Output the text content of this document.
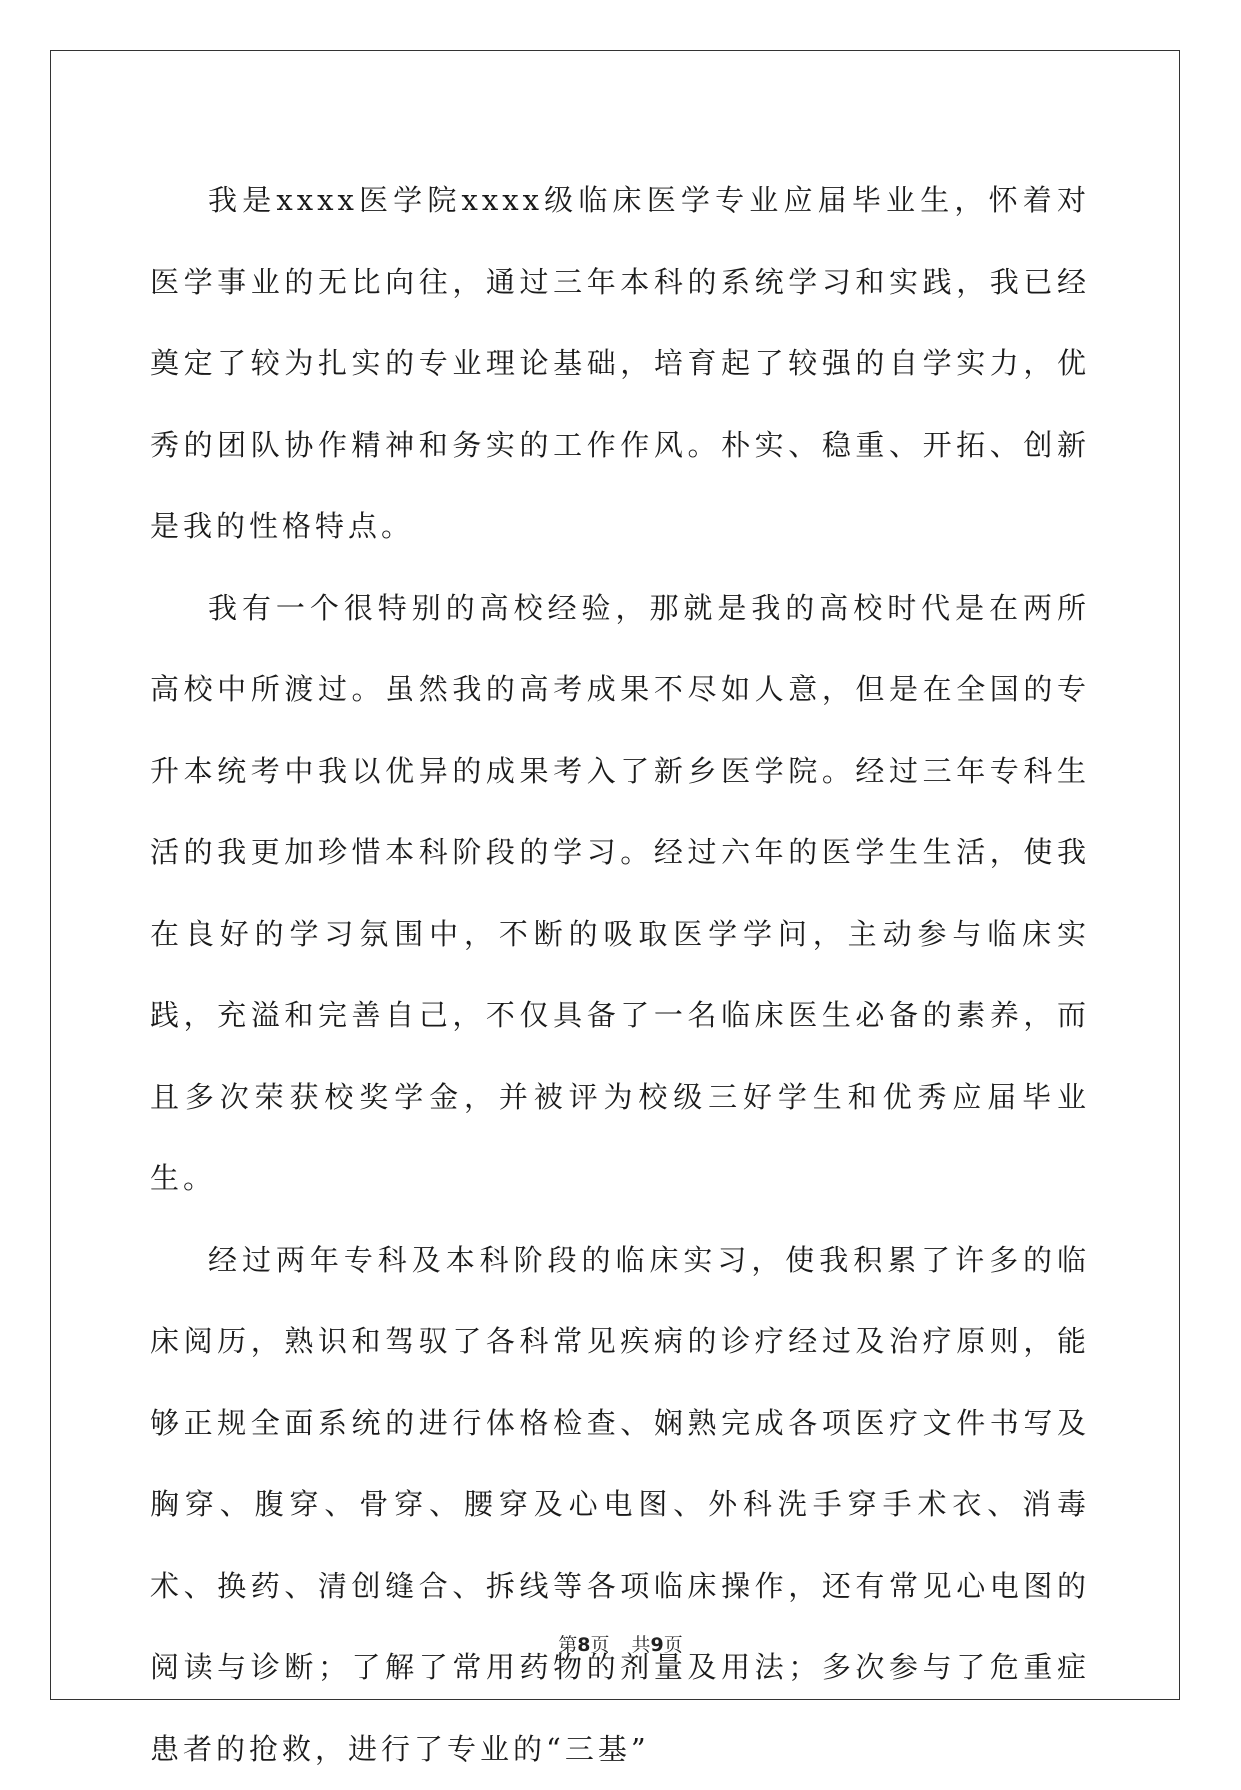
我是xxxx医学院xxxx级临床医学专业应届毕业生，怀着对医学事业的无比向往，通过三年本科的系统学习和实践，我已经奠定了较为扎实的专业理论基础，培育起了较强的自学实力，优秀的团队协作精神和务实的工作作风。朴实、稳重、开拓、创新是我的性格特点。

我有一个很特别的高校经验，那就是我的高校时代是在两所高校中所渡过。虽然我的高考成果不尽如人意，但是在全国的专升本统考中我以优异的成果考入了新乡医学院。经过三年专科生活的我更加珍惜本科阶段的学习。经过六年的医学生生活，使我在良好的学习氛围中，不断的吸取医学学问，主动参与临床实践，充溢和完善自己，不仅具备了一名临床医生必备的素养，而且多次荣获校奖学金，并被评为校级三好学生和优秀应届毕业生。

经过两年专科及本科阶段的临床实习，使我积累了许多的临床阅历，熟识和驾驭了各科常见疾病的诊疗经过及治疗原则，能够正规全面系统的进行体格检查、娴熟完成各项医疗文件书写及胸穿、腹穿、骨穿、腰穿及心电图、外科洗手穿手术衣、消毒术、换药、清创缝合、拆线等各项临床操作，还有常见心电图的阅读与诊断；了解了常用药物的剂量及用法；多次参与了危重症患者的抢救，进行了专业的“三基”

第8页 共9页
